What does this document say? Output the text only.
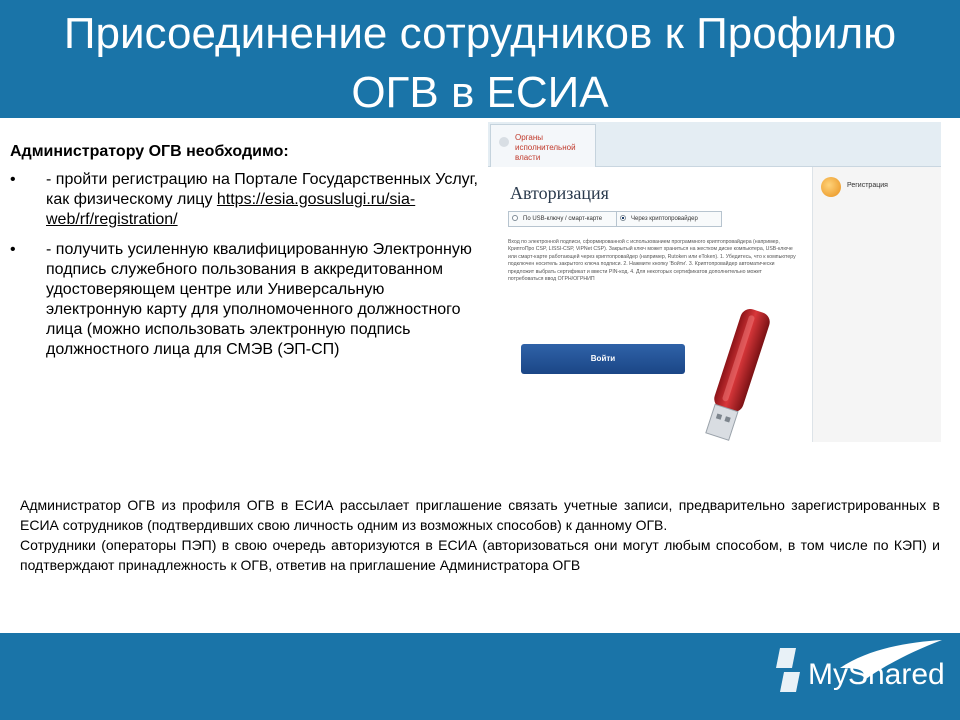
Присоединение сотрудников к Профилю ОГВ в ЕСИА
Администратору ОГВ необходимо:
• - пройти регистрацию на Портале Государственных Услуг, как физическому лицу https://esia.gosuslugi.ru/sia-web/rf/registration/
• - получить усиленную квалифицированную Электронную подпись служебного пользования в аккредитованном удостоверяющем центре или Универсальную электронную карту для уполномоченного должностного лица (можно использовать электронную подпись должностного лица для СМЭВ (ЭП-СП)
Органы исполнительной власти
Авторизация
По USB-ключу / смарт-карте	Через криптопровайдер
Вход по электронной подписи, сформированной с использованием программного криптопровайдера (например, КриптоПро CSP, LISSI-CSP, ViPNet CSP). Закрытый ключ может храниться на жестком диске компьютера, USB-ключе или смарт-карте работающей через криптопровайдер (например, Rutoken или eToken). 1. Убедитесь, что к компьютеру подключен носитель закрытого ключа подписи. 2. Нажмите кнопку 'Войти'. 3. Криптопровайдер автоматически предложит выбрать сертификат и ввести PIN-код. 4. Для некоторых сертификатов дополнительно может потребоваться ввод ОГРН/ОГРНИП
Войти
Регистрация

Администратор ОГВ из профиля ОГВ в ЕСИА рассылает приглашение связать учетные записи, предварительно зарегистрированных в ЕСИА сотрудников (подтвердивших свою личность одним из возможных способов) к данному ОГВ.

Сотрудники (операторы ПЭП) в свою очередь авторизуются в ЕСИА (авторизоваться они могут любым способом, в том числе по КЭП) и подтверждают принадлежность к ОГВ, ответив на приглашение Администратора ОГВ

MyShared
